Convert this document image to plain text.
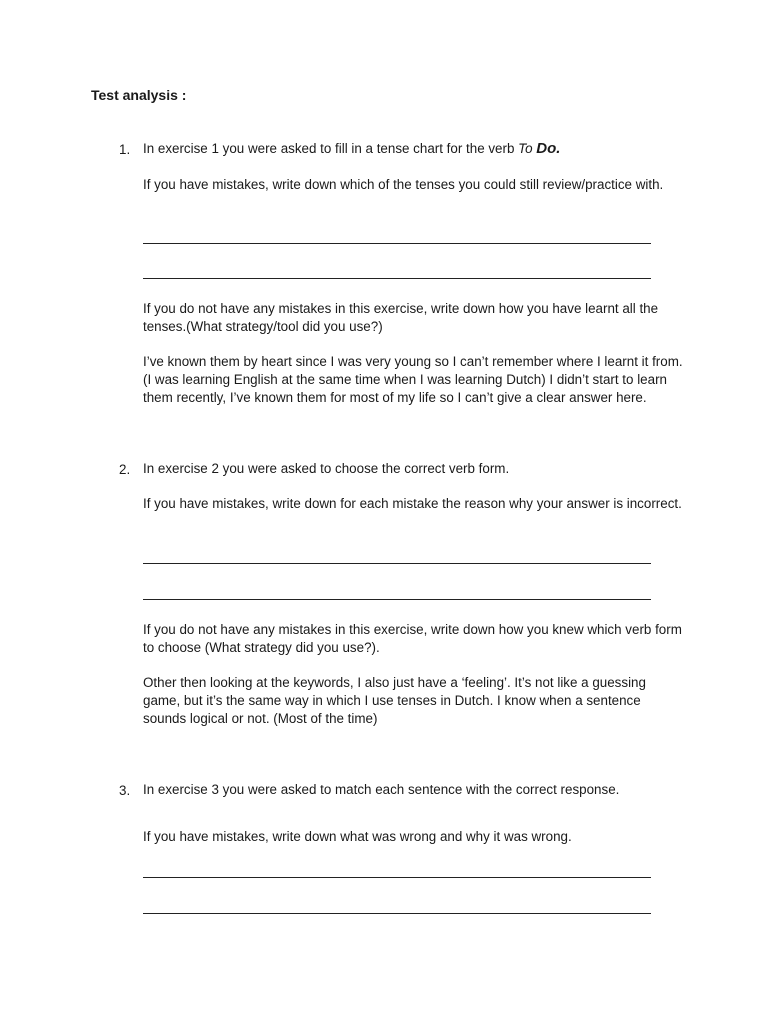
Test analysis :
1. In exercise 1 you were asked to fill in a tense chart for the verb To Do.
If you have mistakes, write down which of the tenses you could still review/practice with.
If you do not have any mistakes in this exercise, write down how you have learnt all the tenses.(What strategy/tool did you use?)
I’ve known them by heart since I was very young so I can’t remember where I learnt it from. (I was learning English at the same time when I was learning Dutch) I didn’t start to learn them recently, I’ve known them for most of my life so I can’t give a clear answer here.
2. In exercise 2 you were asked to choose the correct verb form.
If you have mistakes, write down for each mistake the reason why your answer is incorrect.
If you do not have any mistakes in this exercise, write down how you knew which verb form to choose (What strategy did you use?).
Other then looking at the keywords, I also just have a ‘feeling’. It’s not like a guessing game, but it’s the same way in which I use tenses in Dutch. I know when a sentence sounds logical or not. (Most of the time)
3. In exercise 3 you were asked to match each sentence with the correct response.
If you have mistakes, write down what was wrong and why it was wrong.
